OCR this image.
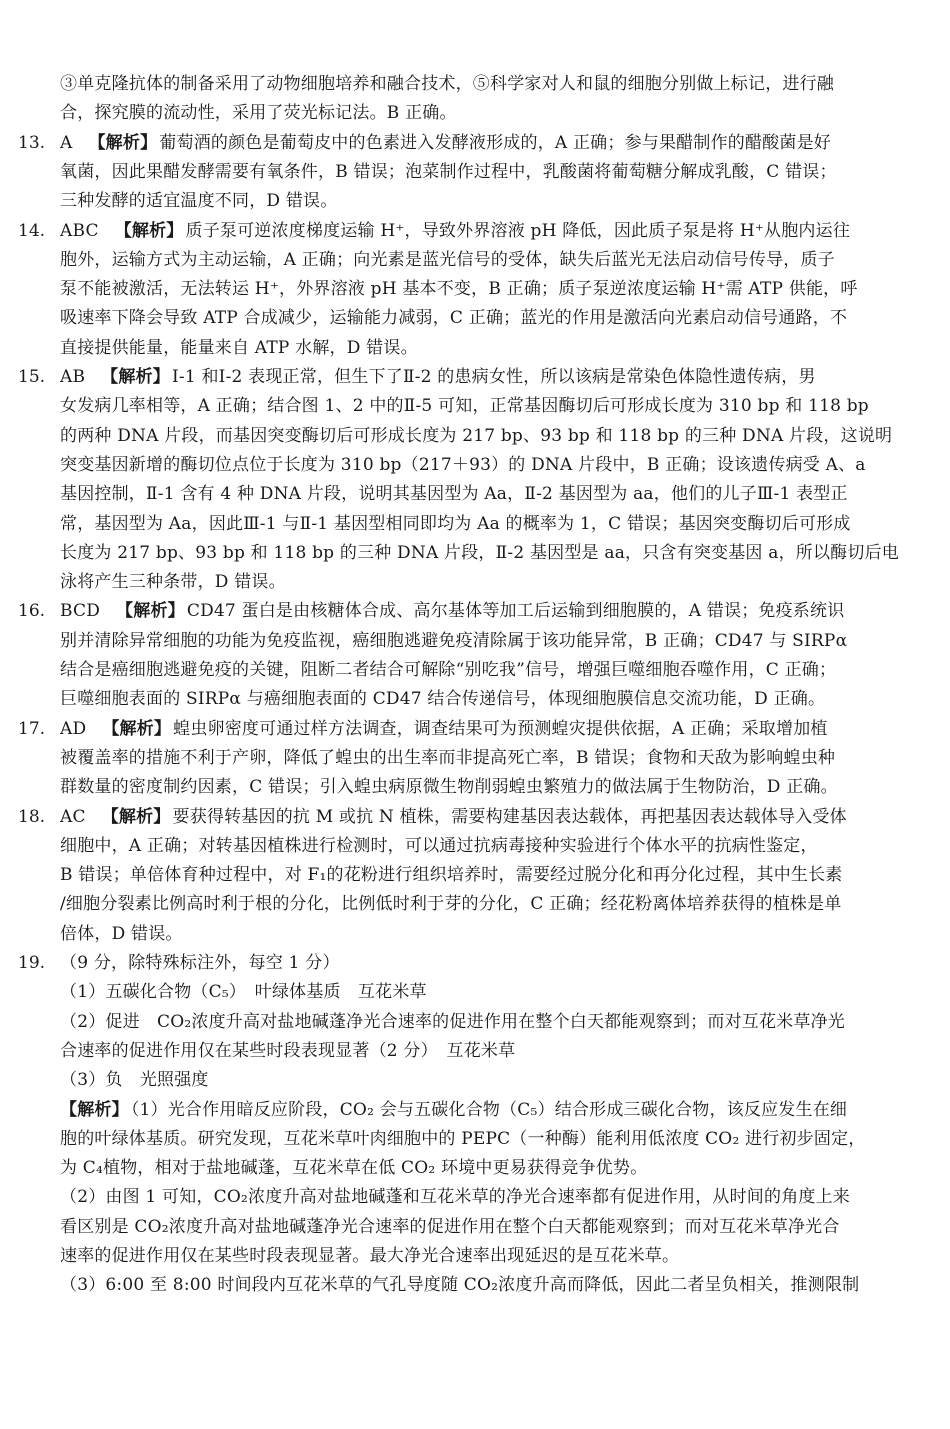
③单克隆抗体的制备采用了动物细胞培养和融合技术，⑤科学家对人和鼠的细胞分别做上标记，进行融
合，探究膜的流动性，采用了荧光标记法。B 正确。
13. A 【解析】 葡萄酒的颜色是葡萄皮中的色素进入发酵液形成的，A 正确；参与果醋制作的醋酸菌是好
氧菌，因此果醋发酵需要有氧条件，B 错误；泡菜制作过程中，乳酸菌将葡萄糖分解成乳酸，C 错误；
三种发酵的适宜温度不同，D 错误。
14. ABC 【解析】 质子泵可逆浓度梯度运输 H⁺，导致外界溶液 pH 降低，因此质子泵是将 H⁺从胞内运往
胞外，运输方式为主动运输，A 正确；向光素是蓝光信号的受体，缺失后蓝光无法启动信号传导，质子
泵不能被激活，无法转运 H⁺，外界溶液 pH 基本不变，B 正确；质子泵逆浓度运输 H⁺需 ATP 供能，呼
吸速率下降会导致 ATP 合成减少，运输能力减弱，C 正确；蓝光的作用是激活向光素启动信号通路，不
直接提供能量，能量来自 ATP 水解，D 错误。
15. AB 【解析】 Ⅰ-1 和Ⅰ-2 表现正常，但生下了Ⅱ-2 的患病女性，所以该病是常染色体隐性遗传病，男
女发病几率相等，A 正确；结合图 1、2 中的Ⅱ-5 可知，正常基因酶切后可形成长度为 310 bp 和 118 bp
的两种 DNA 片段，而基因突变酶切后可形成长度为 217 bp、93 bp 和 118 bp 的三种 DNA 片段，这说明
突变基因新增的酶切位点位于长度为 310 bp（217＋93）的 DNA 片段中，B 正确；设该遗传病受 A、a
基因控制，Ⅱ-1 含有 4 种 DNA 片段，说明其基因型为 Aa，Ⅱ-2 基因型为 aa，他们的儿子Ⅲ-1 表型正
常，基因型为 Aa，因此Ⅲ-1 与Ⅱ-1 基因型相同即均为 Aa 的概率为 1，C 错误；基因突变酶切后可形成
长度为 217 bp、93 bp 和 118 bp 的三种 DNA 片段，Ⅱ-2 基因型是 aa，只含有突变基因 a，所以酶切后电
泳将产生三种条带，D 错误。
16. BCD 【解析】 CD47 蛋白是由核糖体合成、高尔基体等加工后运输到细胞膜的，A 错误；免疫系统识
别并清除异常细胞的功能为免疫监视，癌细胞逃避免疫清除属于该功能异常，B 正确；CD47 与 SIRPα
结合是癌细胞逃避免疫的关键，阻断二者结合可解除“别吃我”信号，增强巨噬细胞吞噬作用，C 正确；
巨噬细胞表面的 SIRPα 与癌细胞表面的 CD47 结合传递信号，体现细胞膜信息交流功能，D 正确。
17. AD 【解析】 蝗虫卵密度可通过样方法调查，调查结果可为预测蝗灾提供依据，A 正确；采取增加植
被覆盖率的措施不利于产卵，降低了蝗虫的出生率而非提高死亡率，B 错误；食物和天敌为影响蝗虫种
群数量的密度制约因素，C 错误；引入蝗虫病原微生物削弱蝗虫繁殖力的做法属于生物防治，D 正确。
18. AC 【解析】 要获得转基因的抗 M 或抗 N 植株，需要构建基因表达载体，再把基因表达载体导入受体
细胞中，A 正确；对转基因植株进行检测时，可以通过抗病毒接种实验进行个体水平的抗病性鉴定，
B 错误；单倍体育种过程中，对 F₁的花粉进行组织培养时，需要经过脱分化和再分化过程，其中生长素
/细胞分裂素比例高时利于根的分化，比例低时利于芽的分化，C 正确；经花粉离体培养获得的植株是单
倍体，D 错误。
19. （9 分，除特殊标注外，每空 1 分）
（1）五碳化合物（C₅）　叶绿体基质　互花米草
（2）促进　CO₂浓度升高对盐地碱蓬净光合速率的促进作用在整个白天都能观察到；而对互花米草净光
合速率的促进作用仅在某些时段表现显著（2 分）　互花米草
（3）负　光照强度
【解析】 （1）光合作用暗反应阶段，CO₂ 会与五碳化合物（C₅）结合形成三碳化合物，该反应发生在细
胞的叶绿体基质。研究发现，互花米草叶肉细胞中的 PEPC（一种酶）能利用低浓度 CO₂ 进行初步固定，
为 C₄植物，相对于盐地碱蓬，互花米草在低 CO₂ 环境中更易获得竞争优势。
（2）由图 1 可知，CO₂浓度升高对盐地碱蓬和互花米草的净光合速率都有促进作用，从时间的角度上来
看区别是 CO₂浓度升高对盐地碱蓬净光合速率的促进作用在整个白天都能观察到；而对互花米草净光合
速率的促进作用仅在某些时段表现显著。最大净光合速率出现延迟的是互花米草。
（3）6:00 至 8:00 时间段内互花米草的气孔导度随 CO₂浓度升高而降低，因此二者呈负相关，推测限制
